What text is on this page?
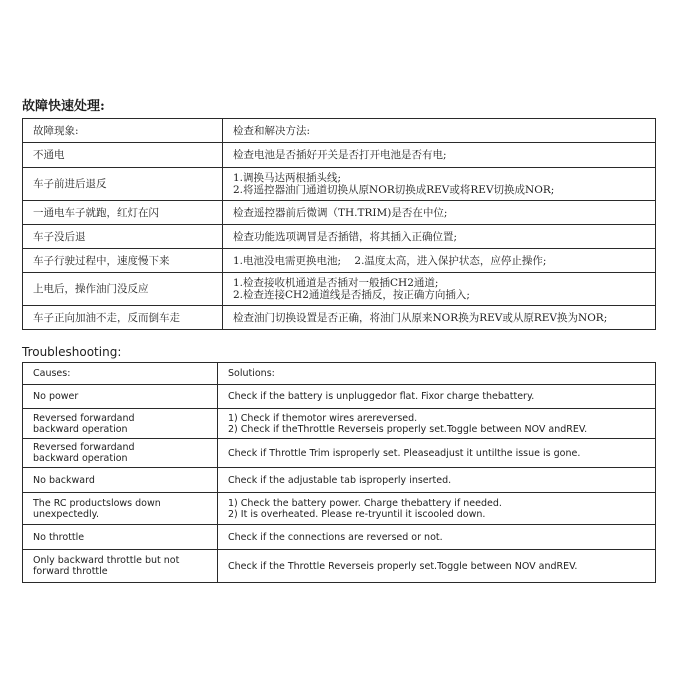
故障快速处理:
故障现象:	检查和解决方法:
不通电	检查电池是否插好开关是否打开电池是否有电;

车子前进后退反	1.调换马达两根插头线;
2.将遥控器油门通道切换从原NOR切换成REV或将REV切换成NOR;

一通电车子就跑，红灯在闪	检查遥控器前后微调（TH.TRIM)是否在中位;

车子没后退	检查功能选项调冒是否插错，将其插入正确位置;

车子行驶过程中，速度慢下来	1.电池没电需更换电池;    2.温度太高，进入保护状态，应停止操作;

上电后，操作油门没反应	1.检查接收机通道是否插对一般插CH2通道;
2.检查连接CH2通道线是否插反，按正确方向插入;

车子正向加油不走，反而倒车走	检查油门切换设置是否正确，将油门从原来NOR换为REV或从原REV换为NOR;
Troubleshooting:
Causes:	Solutions:

No power	Check if the battery is unpluggedor flat. Fixor charge thebattery.

Reversed forwardand
backward operation	1) Check if themotor wires arereversed.
2) Check if theThrottle Reverseis properly set.Toggle between NOV andREV.

Reversed forwardand
backward operation	Check if Throttle Trim isproperly set. Pleaseadjust it untilthe issue is gone.

No backward	Check if the adjustable tab isproperly inserted.

The RC productslows down
unexpectedly.	1) Check the battery power. Charge thebattery if needed.
2) It is overheated. Please re-tryuntil it iscooled down.

No throttle	Check if the connections are reversed or not.

Only backward throttle but not
forward throttle	Check if the Throttle Reverseis properly set.Toggle between NOV andREV.
